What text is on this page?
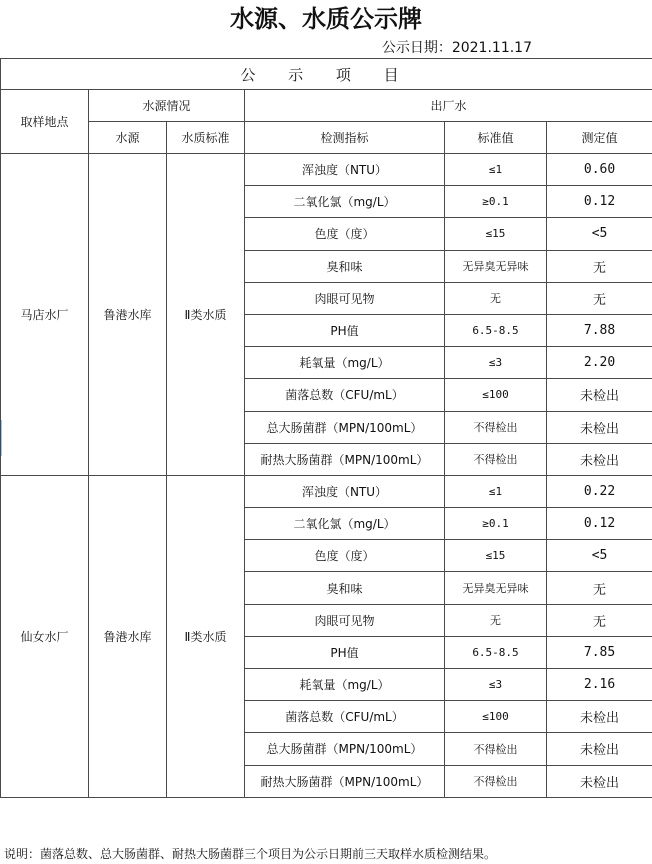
水源、水质公示牌
公示日期：2021.11.17
公 示 项 目					
取样地点	水源情况		出厂水		
	水源	水质标准	检测指标	标准值	测定值
马店水厂	鲁港水库	Ⅱ类水质	浑浊度（NTU）	≤1	0.60
			二氧化氯（mg/L）	≥0.1	0.12
			色度（度）	≤15	<5
			臭和味	无异臭无异味	无
			肉眼可见物	无	无
			PH值	6.5-8.5	7.88
			耗氧量（mg/L）	≤3	2.20
			菌落总数（CFU/mL）	≤100	未检出
			总大肠菌群（MPN/100mL）	不得检出	未检出
			耐热大肠菌群（MPN/100mL）	不得检出	未检出
仙女水厂	鲁港水库	Ⅱ类水质	浑浊度（NTU）	≤1	0.22
			二氧化氯（mg/L）	≥0.1	0.12
			色度（度）	≤15	<5
			臭和味	无异臭无异味	无
			肉眼可见物	无	无
			PH值	6.5-8.5	7.85
			耗氧量（mg/L）	≤3	2.16
			菌落总数（CFU/mL）	≤100	未检出
			总大肠菌群（MPN/100mL）	不得检出	未检出
			耐热大肠菌群（MPN/100mL）	不得检出	未检出
说明：菌落总数、总大肠菌群、耐热大肠菌群三个项目为公示日期前三天取样水质检测结果。
